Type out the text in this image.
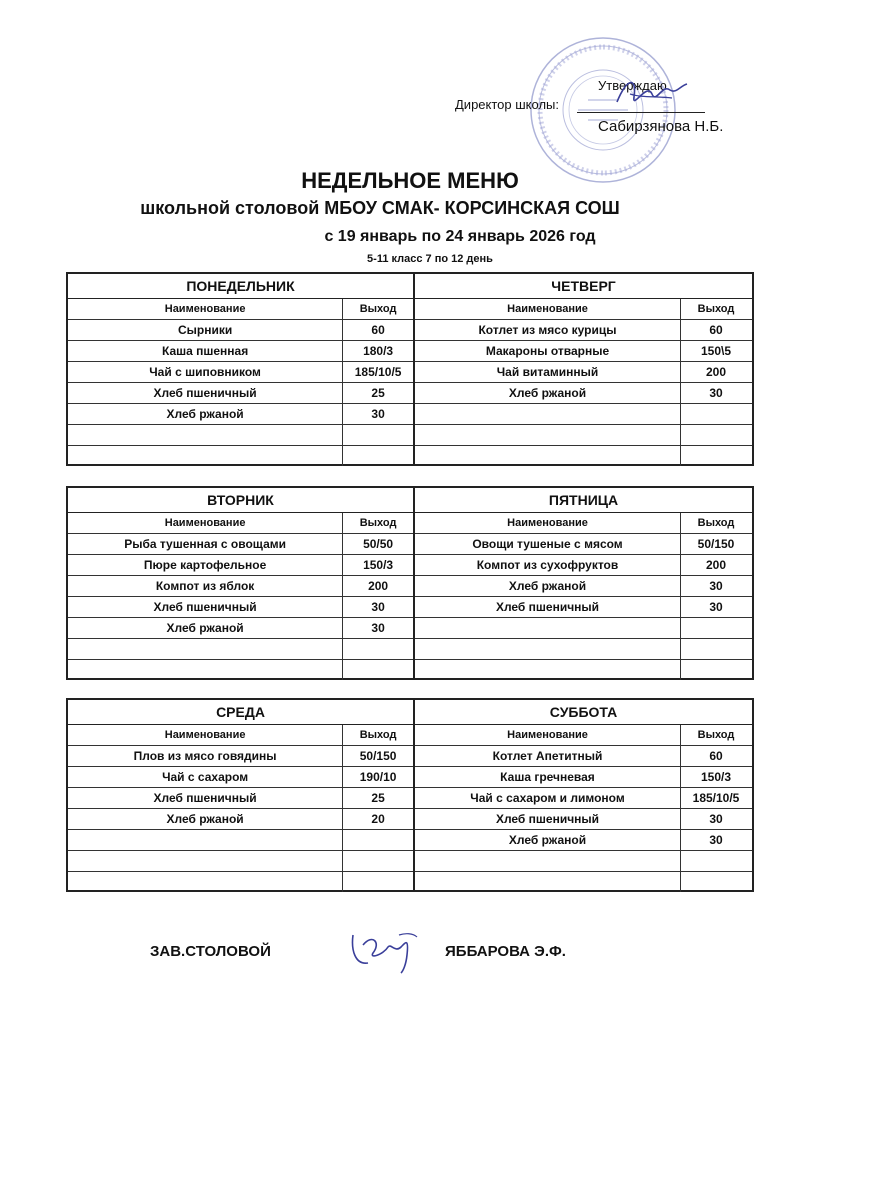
Утверждаю
Директор школы:
Сабирзянова Н.Б.
НЕДЕЛЬНОЕ МЕНЮ
школьной столовой МБОУ СМАК- КОРСИНСКАЯ СОШ
с 19 январь по 24 январь 2026 год
5-11 класс 7 по 12 день
ПОНЕДЕЛЬНИК
Наименование	Выход
Сырники	60
Каша пшенная	180/3
Чай с шиповником	185/10/5
Хлеб пшеничный	25
Хлеб ржаной	30
ЧЕТВЕРГ
Наименование	Выход
Котлет из мясо курицы	60
Макароны отварные	150\5
Чай витаминный	200
Хлеб ржаной	30
ВТОРНИК
Наименование	Выход
Рыба тушенная с овощами	50/50
Пюре картофельное	150/3
Компот из яблок	200
Хлеб пшеничный	30
Хлеб ржаной	30
ПЯТНИЦА
Наименование	Выход
Овощи тушеные с мясом	50/150
Компот из сухофруктов	200
Хлеб ржаной	30
Хлеб пшеничный	30
СРЕДА
Наименование	Выход
Плов из мясо говядины	50/150
Чай с сахаром	190/10
Хлеб пшеничный	25
Хлеб ржаной	20
СУББОТА
Наименование	Выход
Котлет Апетитный	60
Каша гречневая	150/3
Чай с сахаром и лимоном	185/10/5
Хлеб пшеничный	30
Хлеб ржаной	30
ЗАВ.СТОЛОВОЙ	ЯББАРОВА Э.Ф.
